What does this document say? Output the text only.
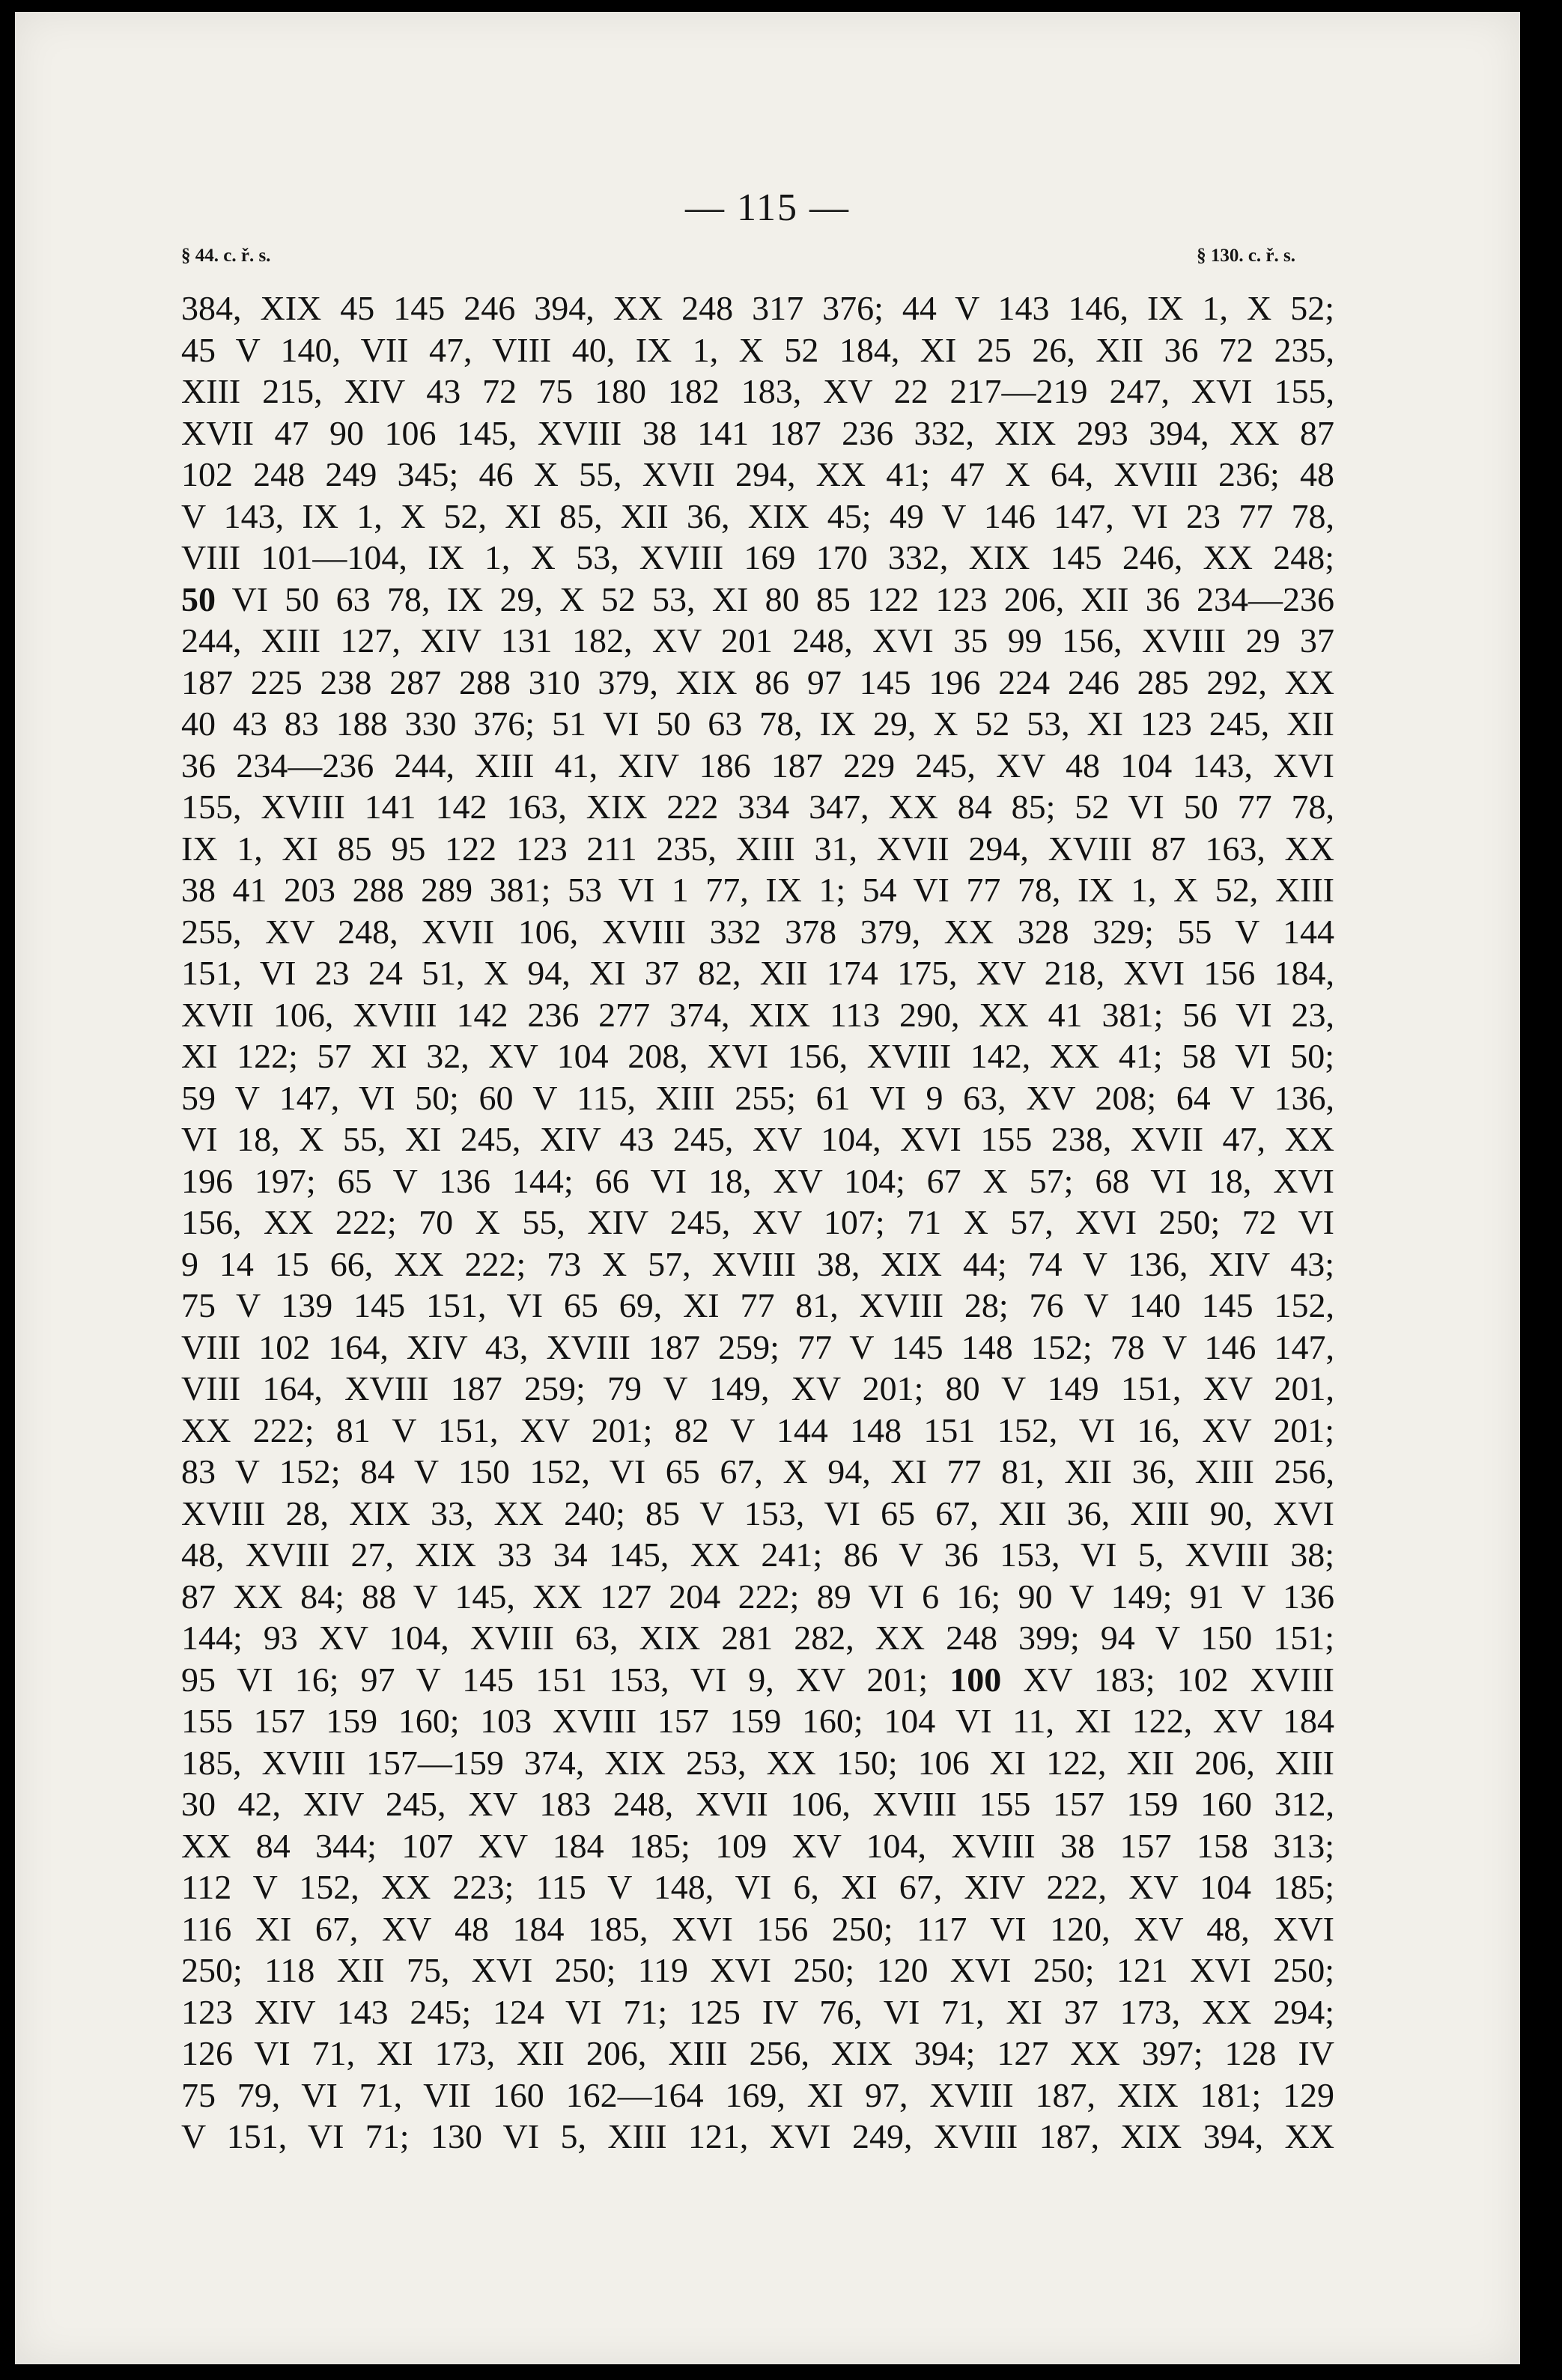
— 115 —
§ 44. c. ř. s.	§ 130. c. ř. s.
384, XIX 45 145 246 394, XX 248 317 376; 44 V 143 146, IX 1, X 52;
45 V 140, VII 47, VIII 40, IX 1, X 52 184, XI 25 26, XII 36 72 235,
XIII 215, XIV 43 72 75 180 182 183, XV 22 217—219 247, XVI 155,
XVII 47 90 106 145, XVIII 38 141 187 236 332, XIX 293 394, XX 87
102 248 249 345; 46 X 55, XVII 294, XX 41; 47 X 64, XVIII 236; 48
V 143, IX 1, X 52, XI 85, XII 36, XIX 45; 49 V 146 147, VI 23 77 78,
VIII 101—104, IX 1, X 53, XVIII 169 170 332, XIX 145 246, XX 248;
50 VI 50 63 78, IX 29, X 52 53, XI 80 85 122 123 206, XII 36 234—236
244, XIII 127, XIV 131 182, XV 201 248, XVI 35 99 156, XVIII 29 37
187 225 238 287 288 310 379, XIX 86 97 145 196 224 246 285 292, XX
40 43 83 188 330 376; 51 VI 50 63 78, IX 29, X 52 53, XI 123 245, XII
36 234—236 244, XIII 41, XIV 186 187 229 245, XV 48 104 143, XVI
155, XVIII 141 142 163, XIX 222 334 347, XX 84 85; 52 VI 50 77 78,
IX 1, XI 85 95 122 123 211 235, XIII 31, XVII 294, XVIII 87 163, XX
38 41 203 288 289 381; 53 VI 1 77, IX 1; 54 VI 77 78, IX 1, X 52, XIII
255, XV 248, XVII 106, XVIII 332 378 379, XX 328 329; 55 V 144
151, VI 23 24 51, X 94, XI 37 82, XII 174 175, XV 218, XVI 156 184,
XVII 106, XVIII 142 236 277 374, XIX 113 290, XX 41 381; 56 VI 23,
XI 122; 57 XI 32, XV 104 208, XVI 156, XVIII 142, XX 41; 58 VI 50;
59 V 147, VI 50; 60 V 115, XIII 255; 61 VI 9 63, XV 208; 64 V 136,
VI 18, X 55, XI 245, XIV 43 245, XV 104, XVI 155 238, XVII 47, XX
196 197; 65 V 136 144; 66 VI 18, XV 104; 67 X 57; 68 VI 18, XVI
156, XX 222; 70 X 55, XIV 245, XV 107; 71 X 57, XVI 250; 72 VI
9 14 15 66, XX 222; 73 X 57, XVIII 38, XIX 44; 74 V 136, XIV 43;
75 V 139 145 151, VI 65 69, XI 77 81, XVIII 28; 76 V 140 145 152,
VIII 102 164, XIV 43, XVIII 187 259; 77 V 145 148 152; 78 V 146 147,
VIII 164, XVIII 187 259; 79 V 149, XV 201; 80 V 149 151, XV 201,
XX 222; 81 V 151, XV 201; 82 V 144 148 151 152, VI 16, XV 201;
83 V 152; 84 V 150 152, VI 65 67, X 94, XI 77 81, XII 36, XIII 256,
XVIII 28, XIX 33, XX 240; 85 V 153, VI 65 67, XII 36, XIII 90, XVI
48, XVIII 27, XIX 33 34 145, XX 241; 86 V 36 153, VI 5, XVIII 38;
87 XX 84; 88 V 145, XX 127 204 222; 89 VI 6 16; 90 V 149; 91 V 136
144; 93 XV 104, XVIII 63, XIX 281 282, XX 248 399; 94 V 150 151;
95 VI 16; 97 V 145 151 153, VI 9, XV 201; 100 XV 183; 102 XVIII
155 157 159 160; 103 XVIII 157 159 160; 104 VI 11, XI 122, XV 184
185, XVIII 157—159 374, XIX 253, XX 150; 106 XI 122, XII 206, XIII
30 42, XIV 245, XV 183 248, XVII 106, XVIII 155 157 159 160 312,
XX 84 344; 107 XV 184 185; 109 XV 104, XVIII 38 157 158 313;
112 V 152, XX 223; 115 V 148, VI 6, XI 67, XIV 222, XV 104 185;
116 XI 67, XV 48 184 185, XVI 156 250; 117 VI 120, XV 48, XVI
250; 118 XII 75, XVI 250; 119 XVI 250; 120 XVI 250; 121 XVI 250;
123 XIV 143 245; 124 VI 71; 125 IV 76, VI 71, XI 37 173, XX 294;
126 VI 71, XI 173, XII 206, XIII 256, XIX 394; 127 XX 397; 128 IV
75 79, VI 71, VII 160 162—164 169, XI 97, XVIII 187, XIX 181; 129
V 151, VI 71; 130 VI 5, XIII 121, XVI 249, XVIII 187, XIX 394, XX
